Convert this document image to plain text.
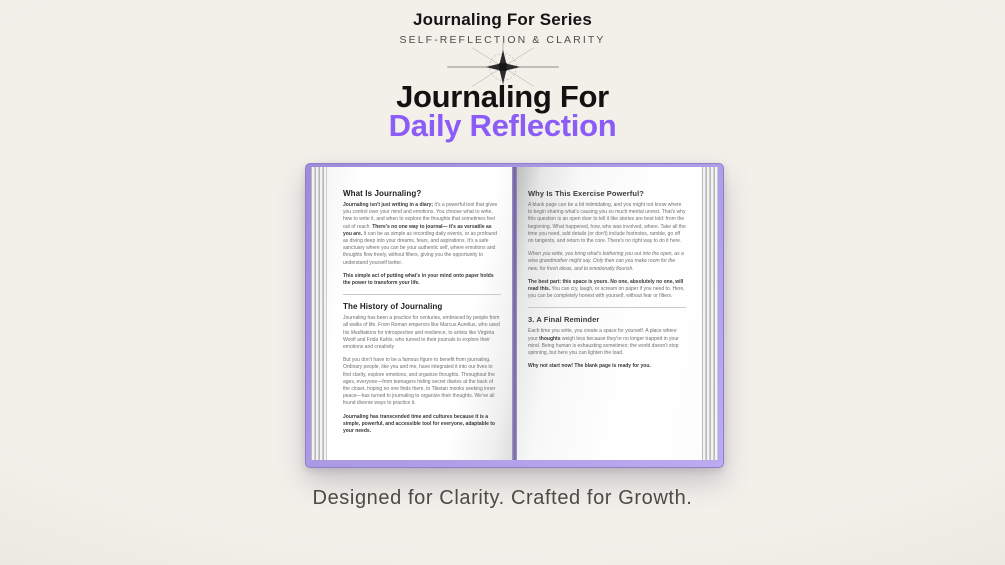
Journaling For Series
SELF-REFLECTION & CLARITY
Journaling For
Daily Reflection
What Is Journaling?

Journaling isn't just writing in a diary; it's a powerful tool that gives you control over your mind and emotions. You choose what to write, how to write it, and when to explore the thoughts that sometimes feel out of reach. There's no one way to journal— it's as versatile as you are. It can be as simple as recording daily events, or as profound as diving deep into your dreams, fears, and aspirations. It's a safe sanctuary where you can be your authentic self, where emotions and thoughts flow freely, without filters, giving you the opportunity to understand yourself better.

This simple act of putting what's in your mind onto paper holds the power to transform your life.

The History of Journaling

Journaling has been a practice for centuries, embraced by people from all walks of life. From Roman emperors like Marcus Aurelius, who used his Meditations for introspection and resilience, to artists like Virginia Woolf and Frida Kahlo, who turned to their journals to explore their emotions and creativity

But you don't have to be a famous figure to benefit from journaling. Ordinary people, like you and me, have integrated it into our lives to find clarity, explore emotions, and organize thoughts. Throughout the ages, everyone—from teenagers hiding secret diaries at the back of the closet, hoping no one finds them, to Tibetan monks seeking inner peace—has turned to journaling to organize their thoughts. We've all found diverse ways to practice it.

Journaling has transcended time and cultures because it is a simple, powerful, and accessible tool for everyone, adaptable to your needs.

Why Is This Exercise Powerful?

A blank page can be a bit intimidating, and you might not know where to begin sharing what's causing you so much mental unrest. That's why this question is an open door to tell it like stories are best told: from the beginning. What happened, how, who was involved, where. Take all the time you need, add details (or don't) include footnotes, ramble, go off on tangents, and return to the core. There's no right way to do it here.

When you write, you bring what's bothering you out into the open, as a wise grandmother might say. Only then can you make room for the new, for fresh ideas, and to emotionally flourish.

The best part: this space is yours. No one, absolutely no one, will read this. You can cry, laugh, or scream on paper if you need to. Here, you can be completely honest with yourself, without fear or filters.

3. A Final Reminder

Each time you write, you create a space for yourself. A place where your thoughts weigh less because they're no longer trapped in your mind. Being human is exhausting sometimes; the world doesn't stop spinning, but here you can lighten the load.

Why not start now! The blank page is ready for you.

Designed for Clarity. Crafted for Growth.
